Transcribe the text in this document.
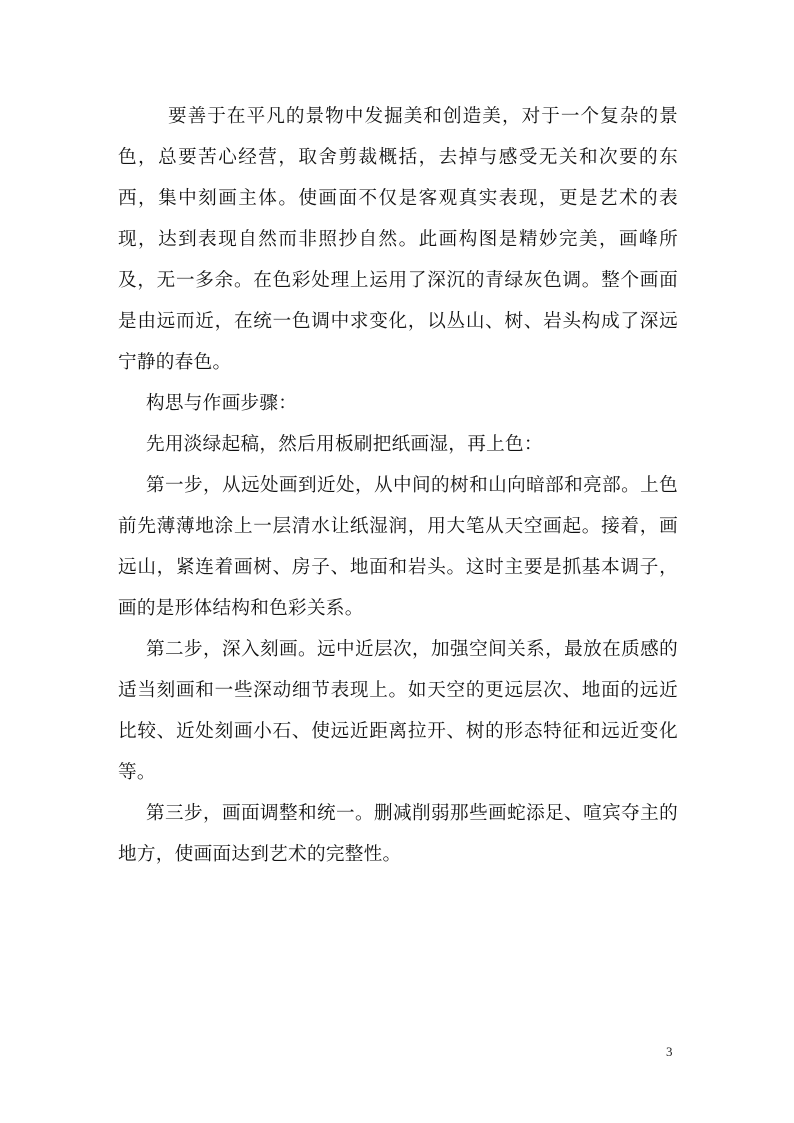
要善于在平凡的景物中发掘美和创造美，对于一个复杂的景色，总要苦心经营，取舍剪裁概括，去掉与感受无关和次要的东西，集中刻画主体。使画面不仅是客观真实表现，更是艺术的表现，达到表现自然而非照抄自然。此画构图是精妙完美，画峰所及，无一多余。在色彩处理上运用了深沉的青绿灰色调。整个画面是由远而近，在统一色调中求变化，以丛山、树、岩头构成了深远宁静的春色。

构思与作画步骤：

先用淡绿起稿，然后用板刷把纸画湿，再上色：

第一步，从远处画到近处，从中间的树和山向暗部和亮部。上色前先薄薄地涂上一层清水让纸湿润，用大笔从天空画起。接着，画远山，紧连着画树、房子、地面和岩头。这时主要是抓基本调子，画的是形体结构和色彩关系。

第二步，深入刻画。远中近层次，加强空间关系，最放在质感的适当刻画和一些深动细节表现上。如天空的更远层次、地面的远近比较、近处刻画小石、使远近距离拉开、树的形态特征和远近变化等。

第三步，画面调整和统一。删减削弱那些画蛇添足、喧宾夺主的地方，使画面达到艺术的完整性。

3
